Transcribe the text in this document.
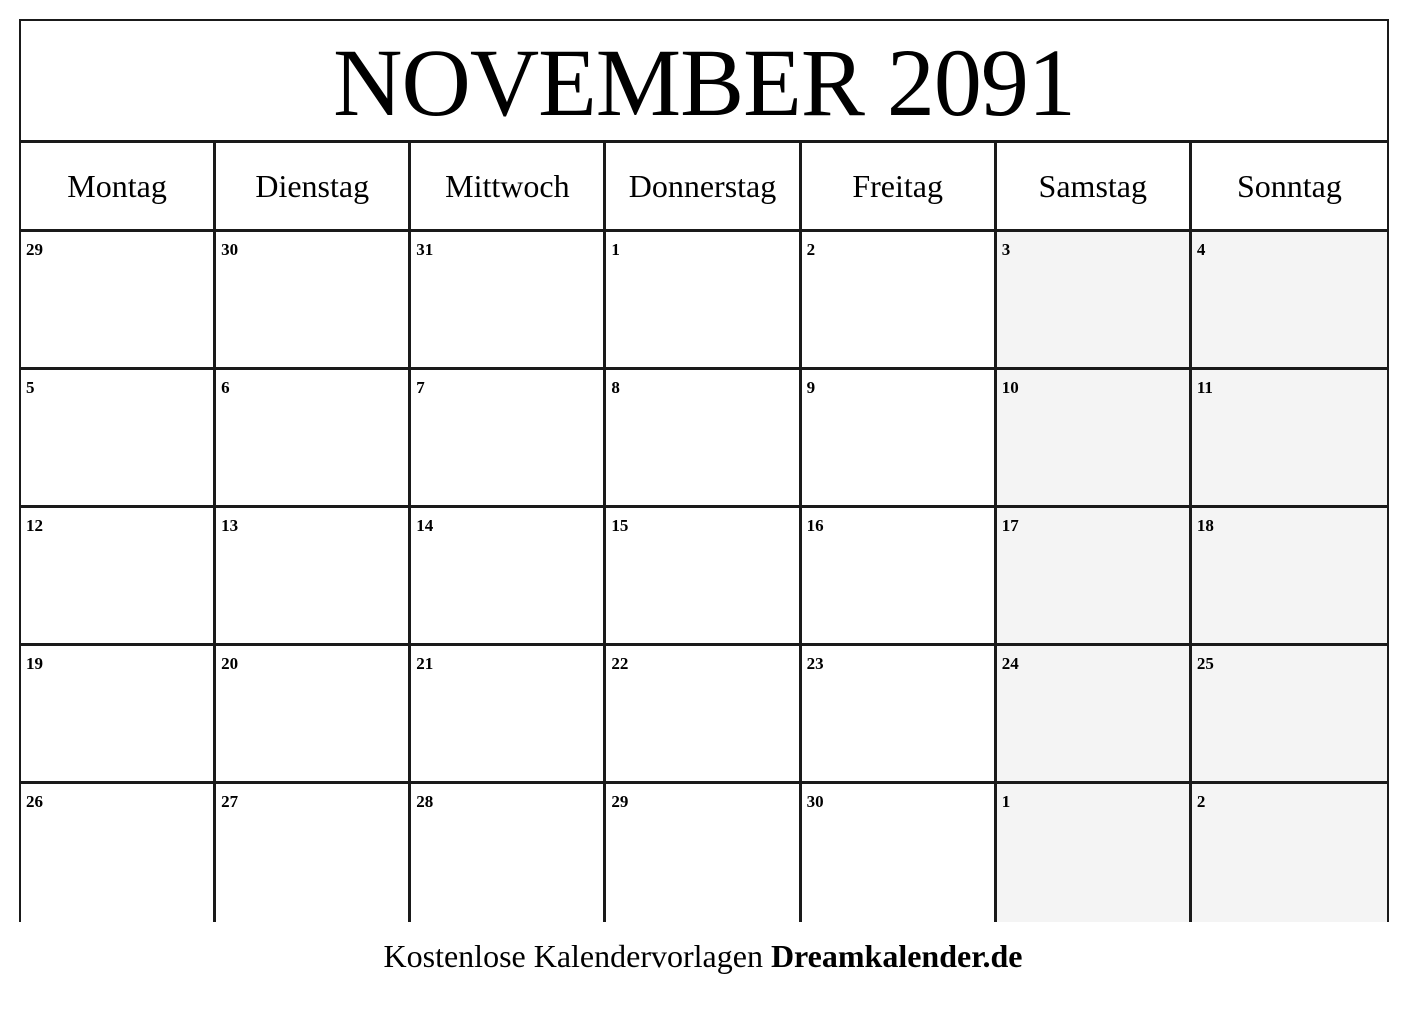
NOVEMBER 2091
Montag	Dienstag	Mittwoch	Donnerstag	Freitag	Samstag	Sonntag
29	30	31	1	2	3	4
5	6	7	8	9	10	11
12	13	14	15	16	17	18
19	20	21	22	23	24	25
26	27	28	29	30	1	2
Kostenlose Kalendervorlagen Dreamkalender.de
